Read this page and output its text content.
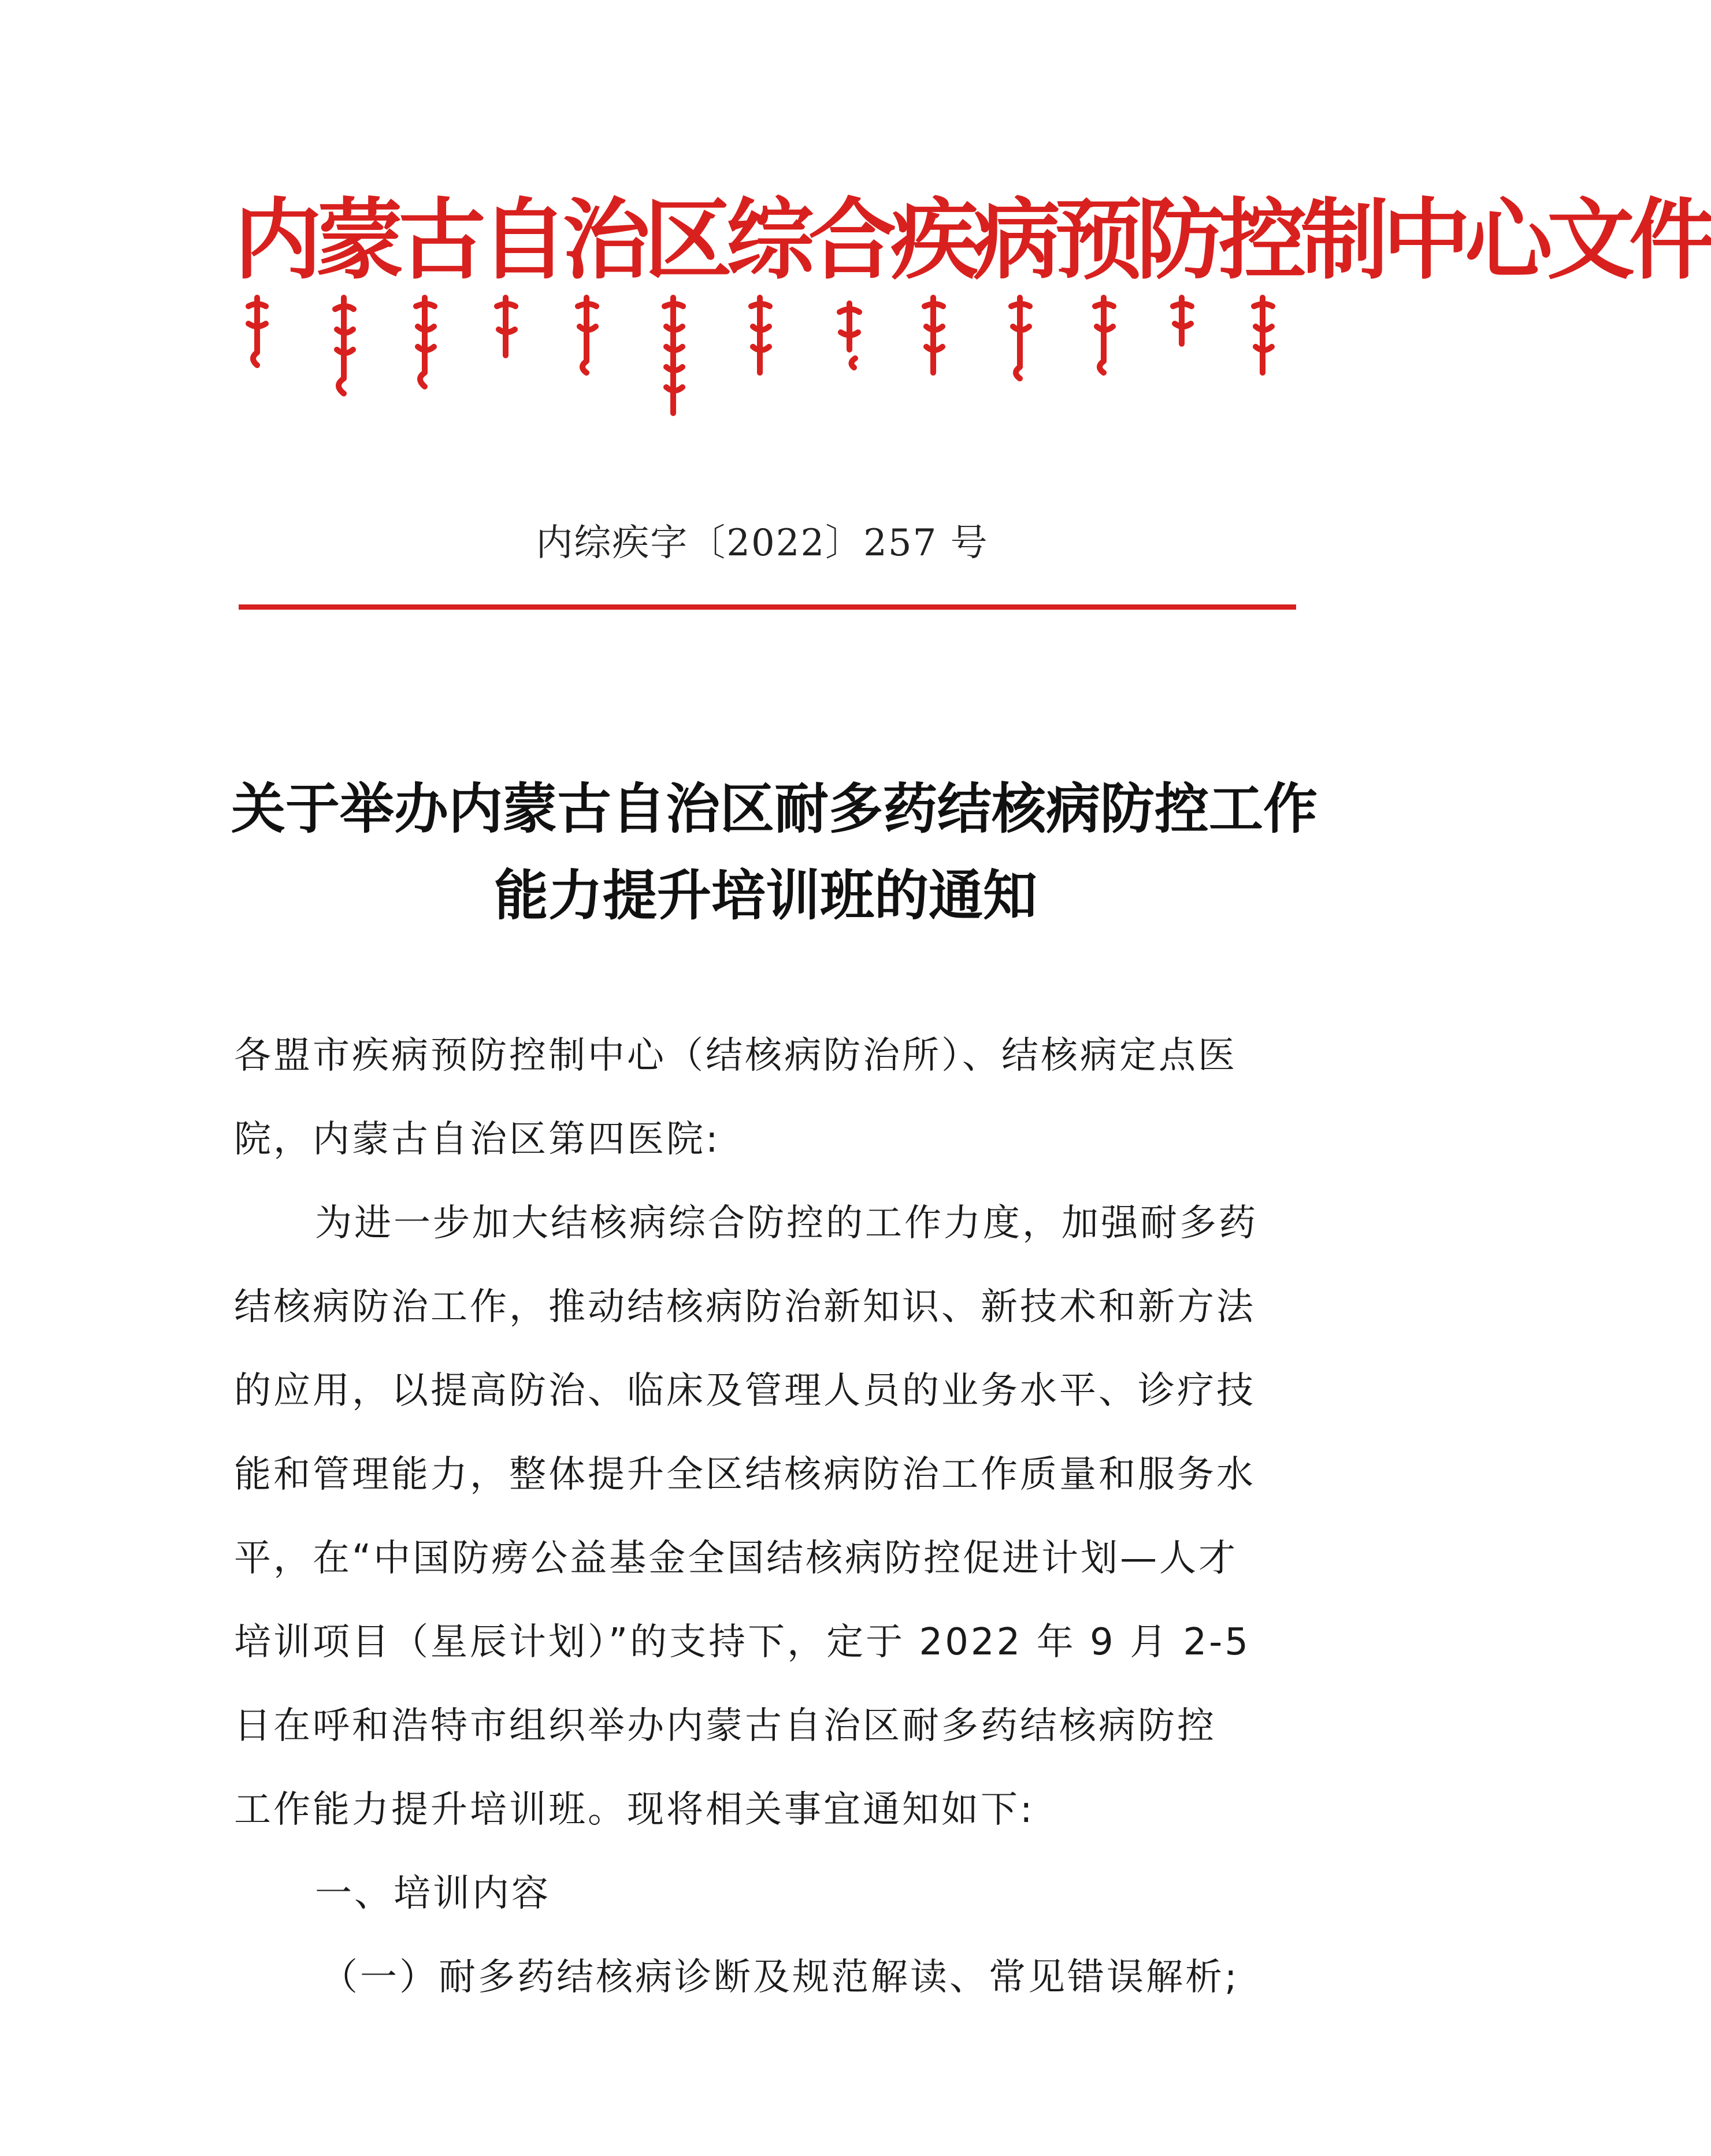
内蒙古自治区综合疾病预防控制中心文件
内综疾字〔2022〕257 号
关于举办内蒙古自治区耐多药结核病防控工作
能力提升培训班的通知
各盟市疾病预防控制中心（结核病防治所）、结核病定点医
院，内蒙古自治区第四医院:
为进一步加大结核病综合防控的工作力度，加强耐多药
结核病防治工作，推动结核病防治新知识、新技术和新方法
的应用，以提高防治、临床及管理人员的业务水平、诊疗技
能和管理能力，整体提升全区结核病防治工作质量和服务水
平，在“中国防痨公益基金全国结核病防控促进计划—人才
培训项目（星辰计划）”的支持下，定于 2022 年 9 月 2-5
日在呼和浩特市组织举办内蒙古自治区耐多药结核病防控
工作能力提升培训班。现将相关事宜通知如下:
一、培训内容
（一）耐多药结核病诊断及规范解读、常见错误解析;
